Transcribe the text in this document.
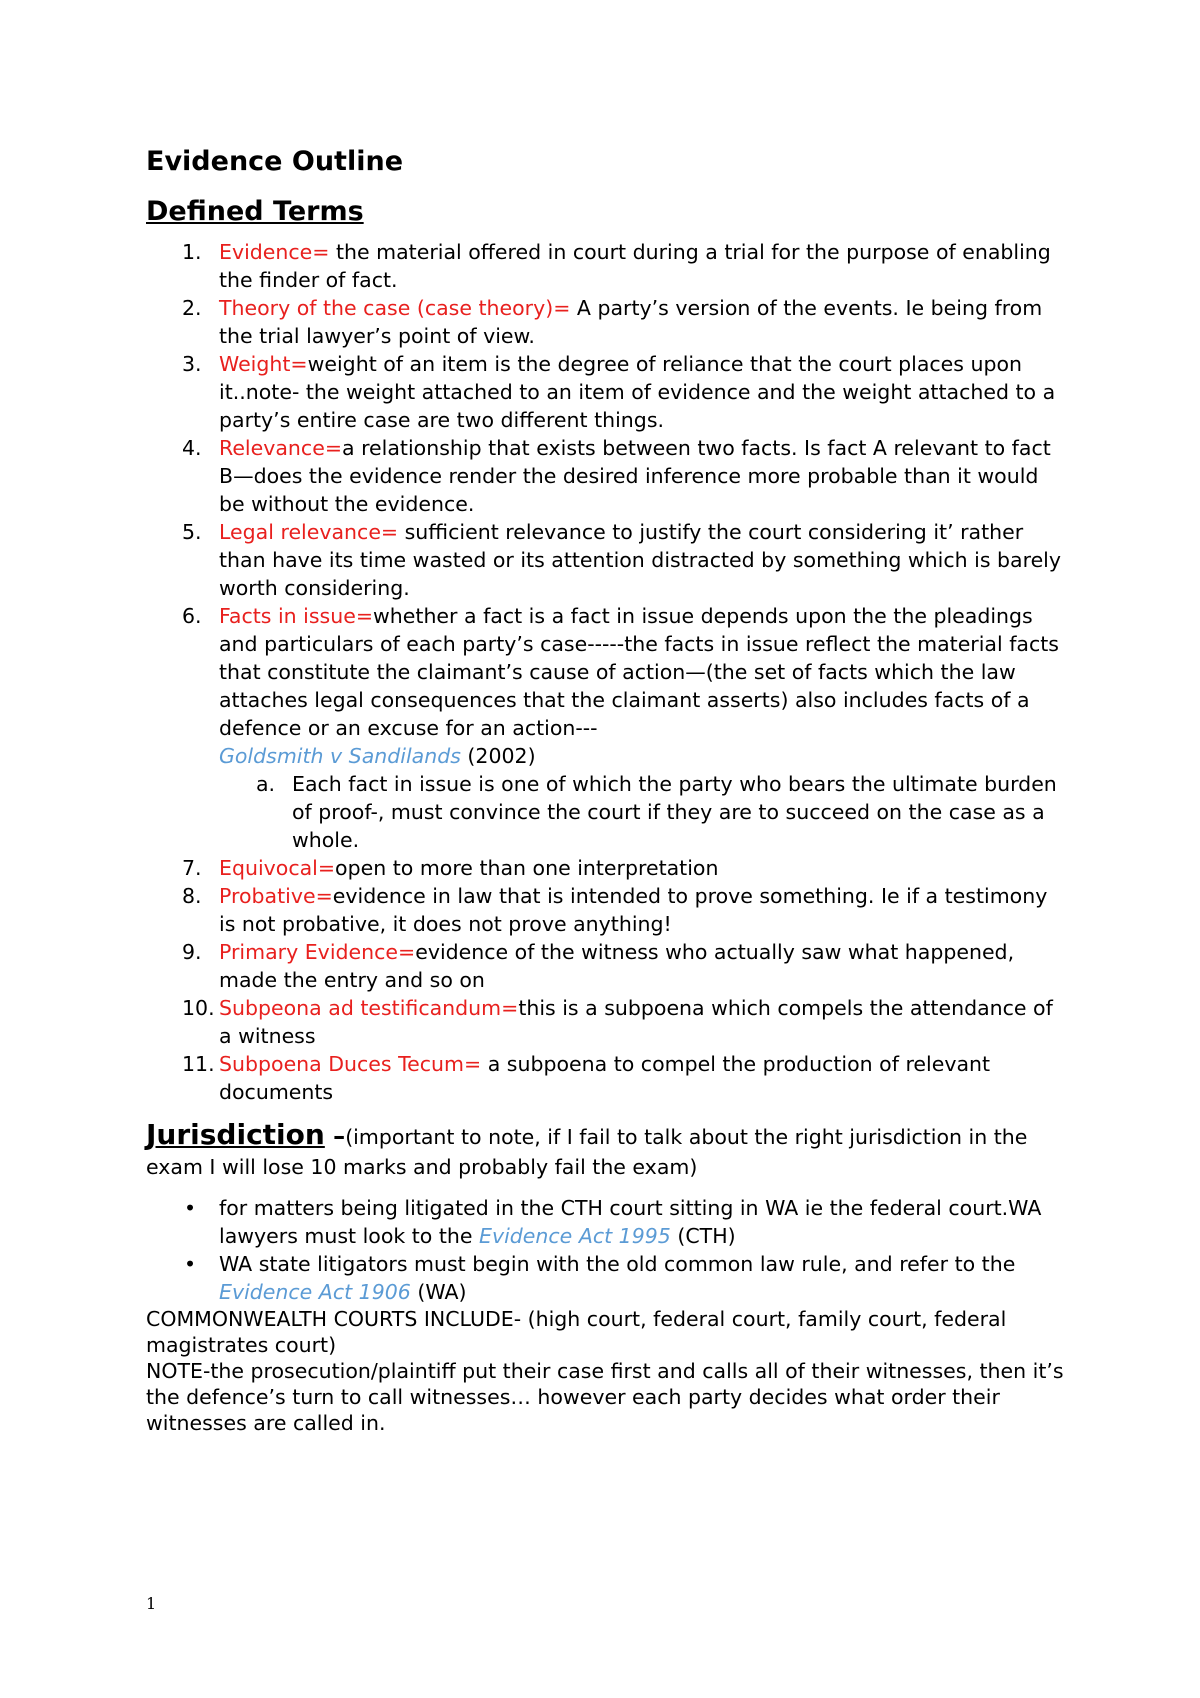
Evidence Outline
Defined Terms
1. Evidence= the material offered in court during a trial for the purpose of enabling the finder of fact.
2. Theory of the case (case theory)= A party’s version of the events. Ie being from the trial lawyer’s point of view.
3. Weight=weight of an item is the degree of reliance that the court places upon it..note- the weight attached to an item of evidence and the weight attached to a party’s entire case are two different things.
4. Relevance=a relationship that exists between two facts. Is fact A relevant to fact B—does the evidence render the desired inference more probable than it would be without the evidence.
5. Legal relevance= sufficient relevance to justify the court considering it’ rather than have its time wasted or its attention distracted by something which is barely worth considering.
6. Facts in issue=whether a fact is a fact in issue depends upon the the pleadings and particulars of each party’s case-----the facts in issue reflect the material facts that constitute the claimant’s cause of action—(the set of facts which the law attaches legal consequences that the claimant asserts) also includes facts of a defence or an excuse for an action---
Goldsmith v Sandilands (2002)
a. Each fact in issue is one of which the party who bears the ultimate burden of proof-, must convince the court if they are to succeed on the case as a whole.
7. Equivocal=open to more than one interpretation
8. Probative=evidence in law that is intended to prove something. Ie if a testimony is not probative, it does not prove anything!
9. Primary Evidence=evidence of the witness who actually saw what happened, made the entry and so on
10. Subpeona ad testificandum=this is a subpoena which compels the attendance of a witness
11. Subpoena Duces Tecum= a subpoena to compel the production of relevant documents
Jurisdiction –(important to note, if I fail to talk about the right jurisdiction in the exam I will lose 10 marks and probably fail the exam)
• for matters being litigated in the CTH court sitting in WA ie the federal court.WA lawyers must look to the Evidence Act 1995 (CTH)
• WA state litigators must begin with the old common law rule, and refer to the Evidence Act 1906 (WA)

COMMONWEALTH COURTS INCLUDE- (high court, federal court, family court, federal magistrates court)

NOTE-the prosecution/plaintiff put their case first and calls all of their witnesses, then it’s the defence’s turn to call witnesses… however each party decides what order their witnesses are called in.

1
